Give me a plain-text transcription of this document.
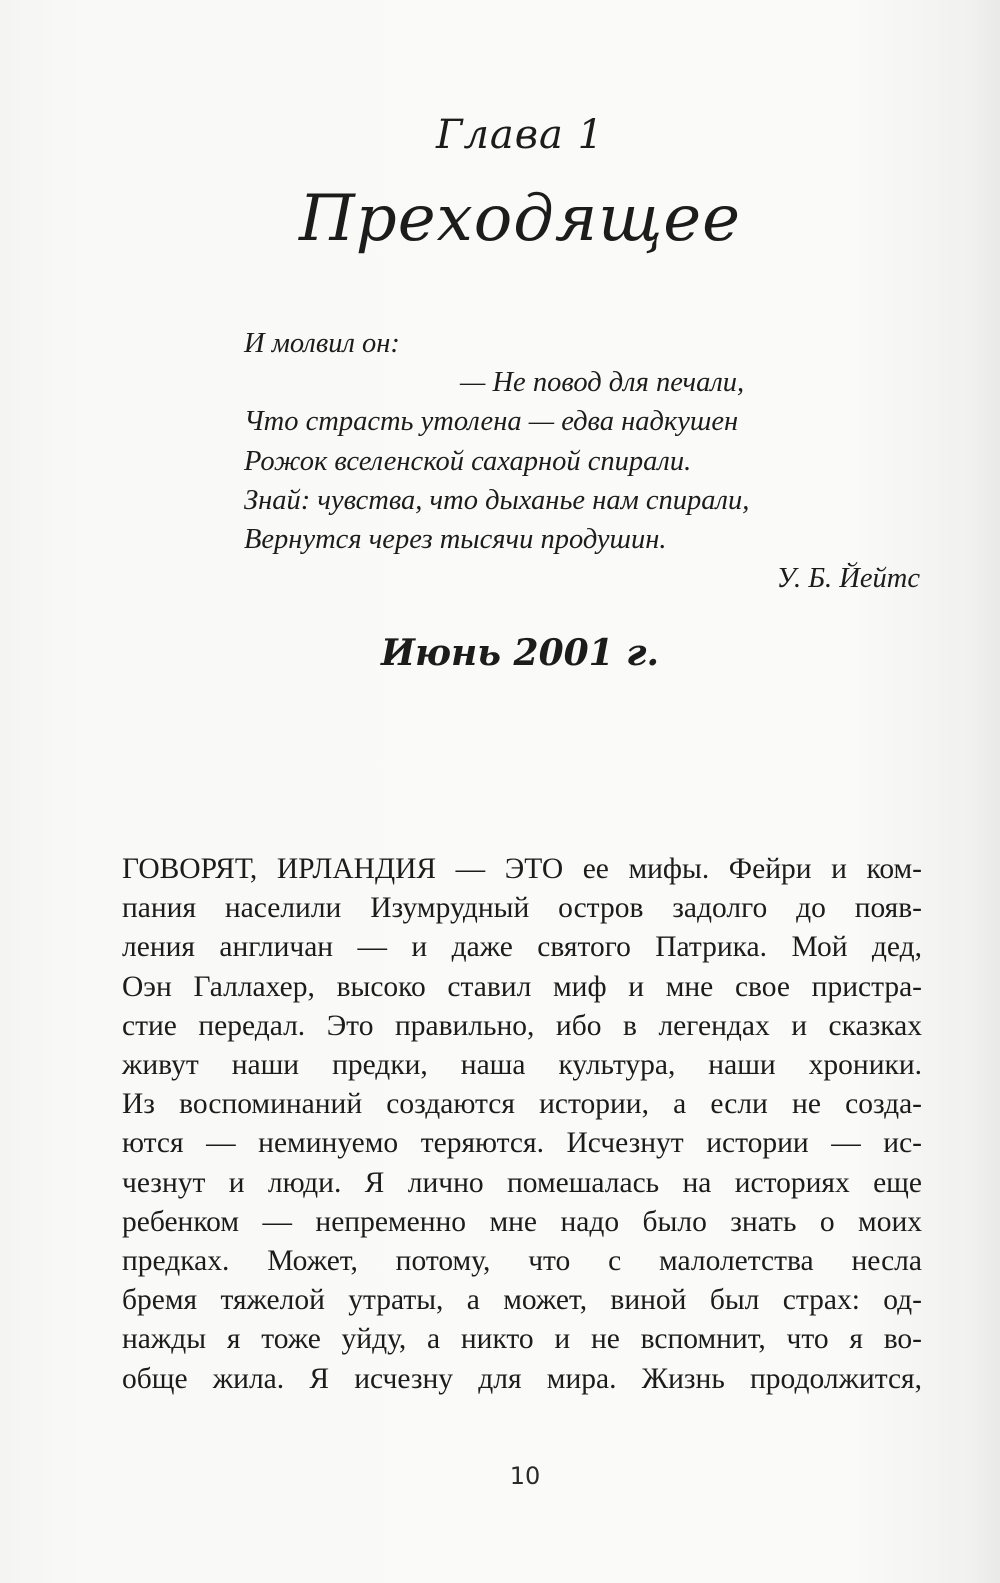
Глава 1
Преходящее
И молвил он:
— Не повод для печали,
Что страсть утолена — едва надкушен
Рожок вселенской сахарной спирали.
Знай: чувства, что дыханье нам спирали,
Вернутся через тысячи продушин.
У. Б. Йейтс
Июнь 2001 г.
ГОВОРЯТ, ИРЛАНДИЯ — ЭТО ее мифы. Фейри и ком-
пания населили Изумрудный остров задолго до появ-
ления англичан — и даже святого Патрика. Мой дед,
Оэн Галлахер, высоко ставил миф и мне свое пристра-
стие передал. Это правильно, ибо в легендах и сказках
живут наши предки, наша культура, наши хроники.
Из воспоминаний создаются истории, а если не созда-
ются — неминуемо теряются. Исчезнут истории — ис-
чезнут и люди. Я лично помешалась на историях еще
ребенком — непременно мне надо было знать о моих
предках. Может, потому, что с малолетства несла
бремя тяжелой утраты, а может, виной был страх: од-
нажды я тоже уйду, а никто и не вспомнит, что я во-
обще жила. Я исчезну для мира. Жизнь продолжится,
10
